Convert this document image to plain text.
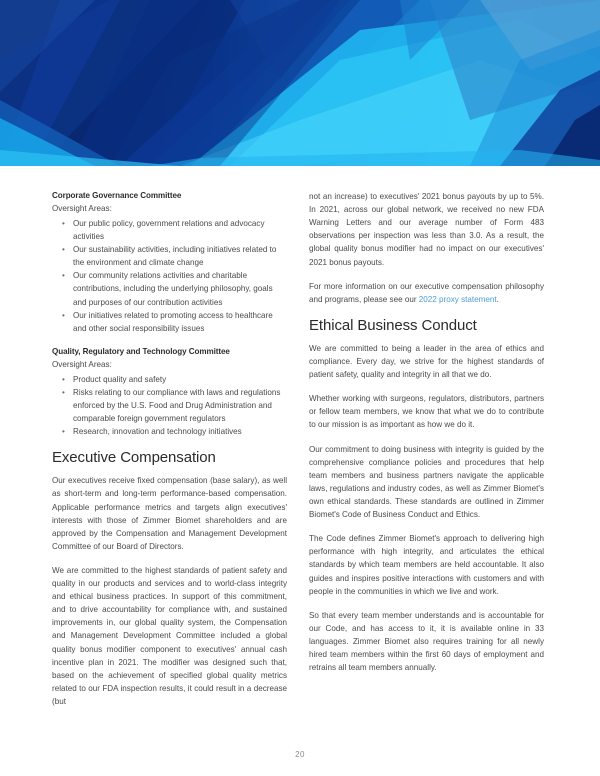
Corporate Governance Committee
Oversight Areas:
• Our public policy, government relations and advocacy activities
• Our sustainability activities, including initiatives related to the environment and climate change
• Our community relations activities and charitable contributions, including the underlying philosophy, goals and purposes of our contribution activities
• Our initiatives related to promoting access to healthcare and other social responsibility issues
Quality, Regulatory and Technology Committee
Oversight Areas:
• Product quality and safety
• Risks relating to our compliance with laws and regulations enforced by the U.S. Food and Drug Administration and comparable foreign government regulators
• Research, innovation and technology initiatives
Executive Compensation

Our executives receive fixed compensation (base salary), as well as short-term and long-term performance-based compensation. Applicable performance metrics and targets align executives' interests with those of Zimmer Biomet shareholders and are approved by the Compensation and Management Development Committee of our Board of Directors.

We are committed to the highest standards of patient safety and quality in our products and services and to world-class integrity and ethical business practices. In support of this commitment, and to drive accountability for compliance with, and sustained improvements in, our global quality system, the Compensation and Management Development Committee included a global quality bonus modifier component to executives' annual cash incentive plan in 2021. The modifier was designed such that, based on the achievement of specified global quality metrics related to our FDA inspection results, it could result in a decrease (but

not an increase) to executives' 2021 bonus payouts by up to 5%. In 2021, across our global network, we received no new FDA Warning Letters and our average number of Form 483 observations per inspection was less than 3.0. As a result, the global quality bonus modifier had no impact on our executives' 2021 bonus payouts.

For more information on our executive compensation philosophy and programs, please see our 2022 proxy statement.

Ethical Business Conduct

We are committed to being a leader in the area of ethics and compliance. Every day, we strive for the highest standards of patient safety, quality and integrity in all that we do.

Whether working with surgeons, regulators, distributors, partners or fellow team members, we know that what we do to contribute to our mission is as important as how we do it.

Our commitment to doing business with integrity is guided by the comprehensive compliance policies and procedures that help team members and business partners navigate the applicable laws, regulations and industry codes, as well as Zimmer Biomet's own ethical standards. These standards are outlined in Zimmer Biomet's Code of Business Conduct and Ethics.

The Code defines Zimmer Biomet's approach to delivering high performance with high integrity, and articulates the ethical standards by which team members are held accountable. It also guides and inspires positive interactions with customers and with people in the communities in which we live and work.

So that every team member understands and is accountable for our Code, and has access to it, it is available online in 33 languages. Zimmer Biomet also requires training for all newly hired team members within the first 60 days of employment and retrains all team members annually.

20
